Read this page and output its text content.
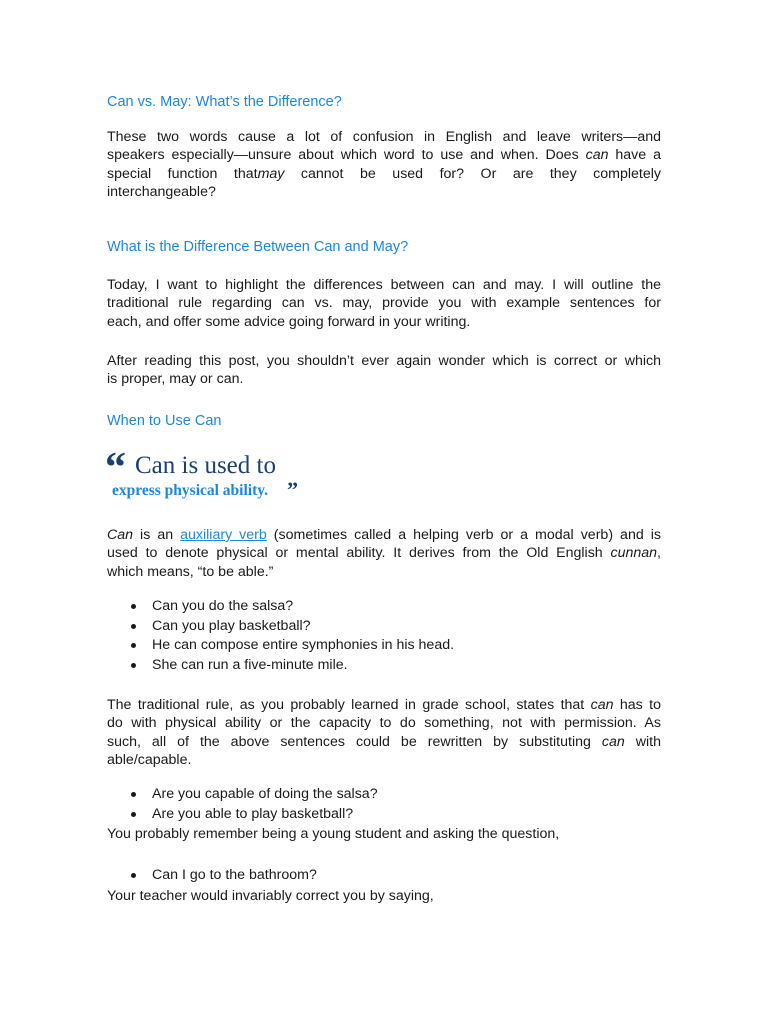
Can vs. May: What’s the Difference?
These two words cause a lot of confusion in English and leave writers—and
speakers especially—unsure about which word to use and when. Does can have a
special function thatmay cannot be used for? Or are they completely
interchangeable?
What is the Difference Between Can and May?
Today, I want to highlight the differences between can and may. I will outline the
traditional rule regarding can vs. may, provide you with example sentences for
each, and offer some advice going forward in your writing.
After reading this post, you shouldn’t ever again wonder which is correct or which
is proper, may or can.
When to Use Can
“ Can is used to
express physical ability. ”
Can is an auxiliary verb (sometimes called a helping verb or a modal verb) and is
used to denote physical or mental ability. It derives from the Old English cunnan,
which means, “to be able.”
Can you do the salsa?
Can you play basketball?
He can compose entire symphonies in his head.
She can run a five-minute mile.
The traditional rule, as you probably learned in grade school, states that can has to
do with physical ability or the capacity to do something, not with permission. As
such, all of the above sentences could be rewritten by substituting can with
able/capable.
Are you capable of doing the salsa?
Are you able to play basketball?
You probably remember being a young student and asking the question,
Can I go to the bathroom?
Your teacher would invariably correct you by saying,
